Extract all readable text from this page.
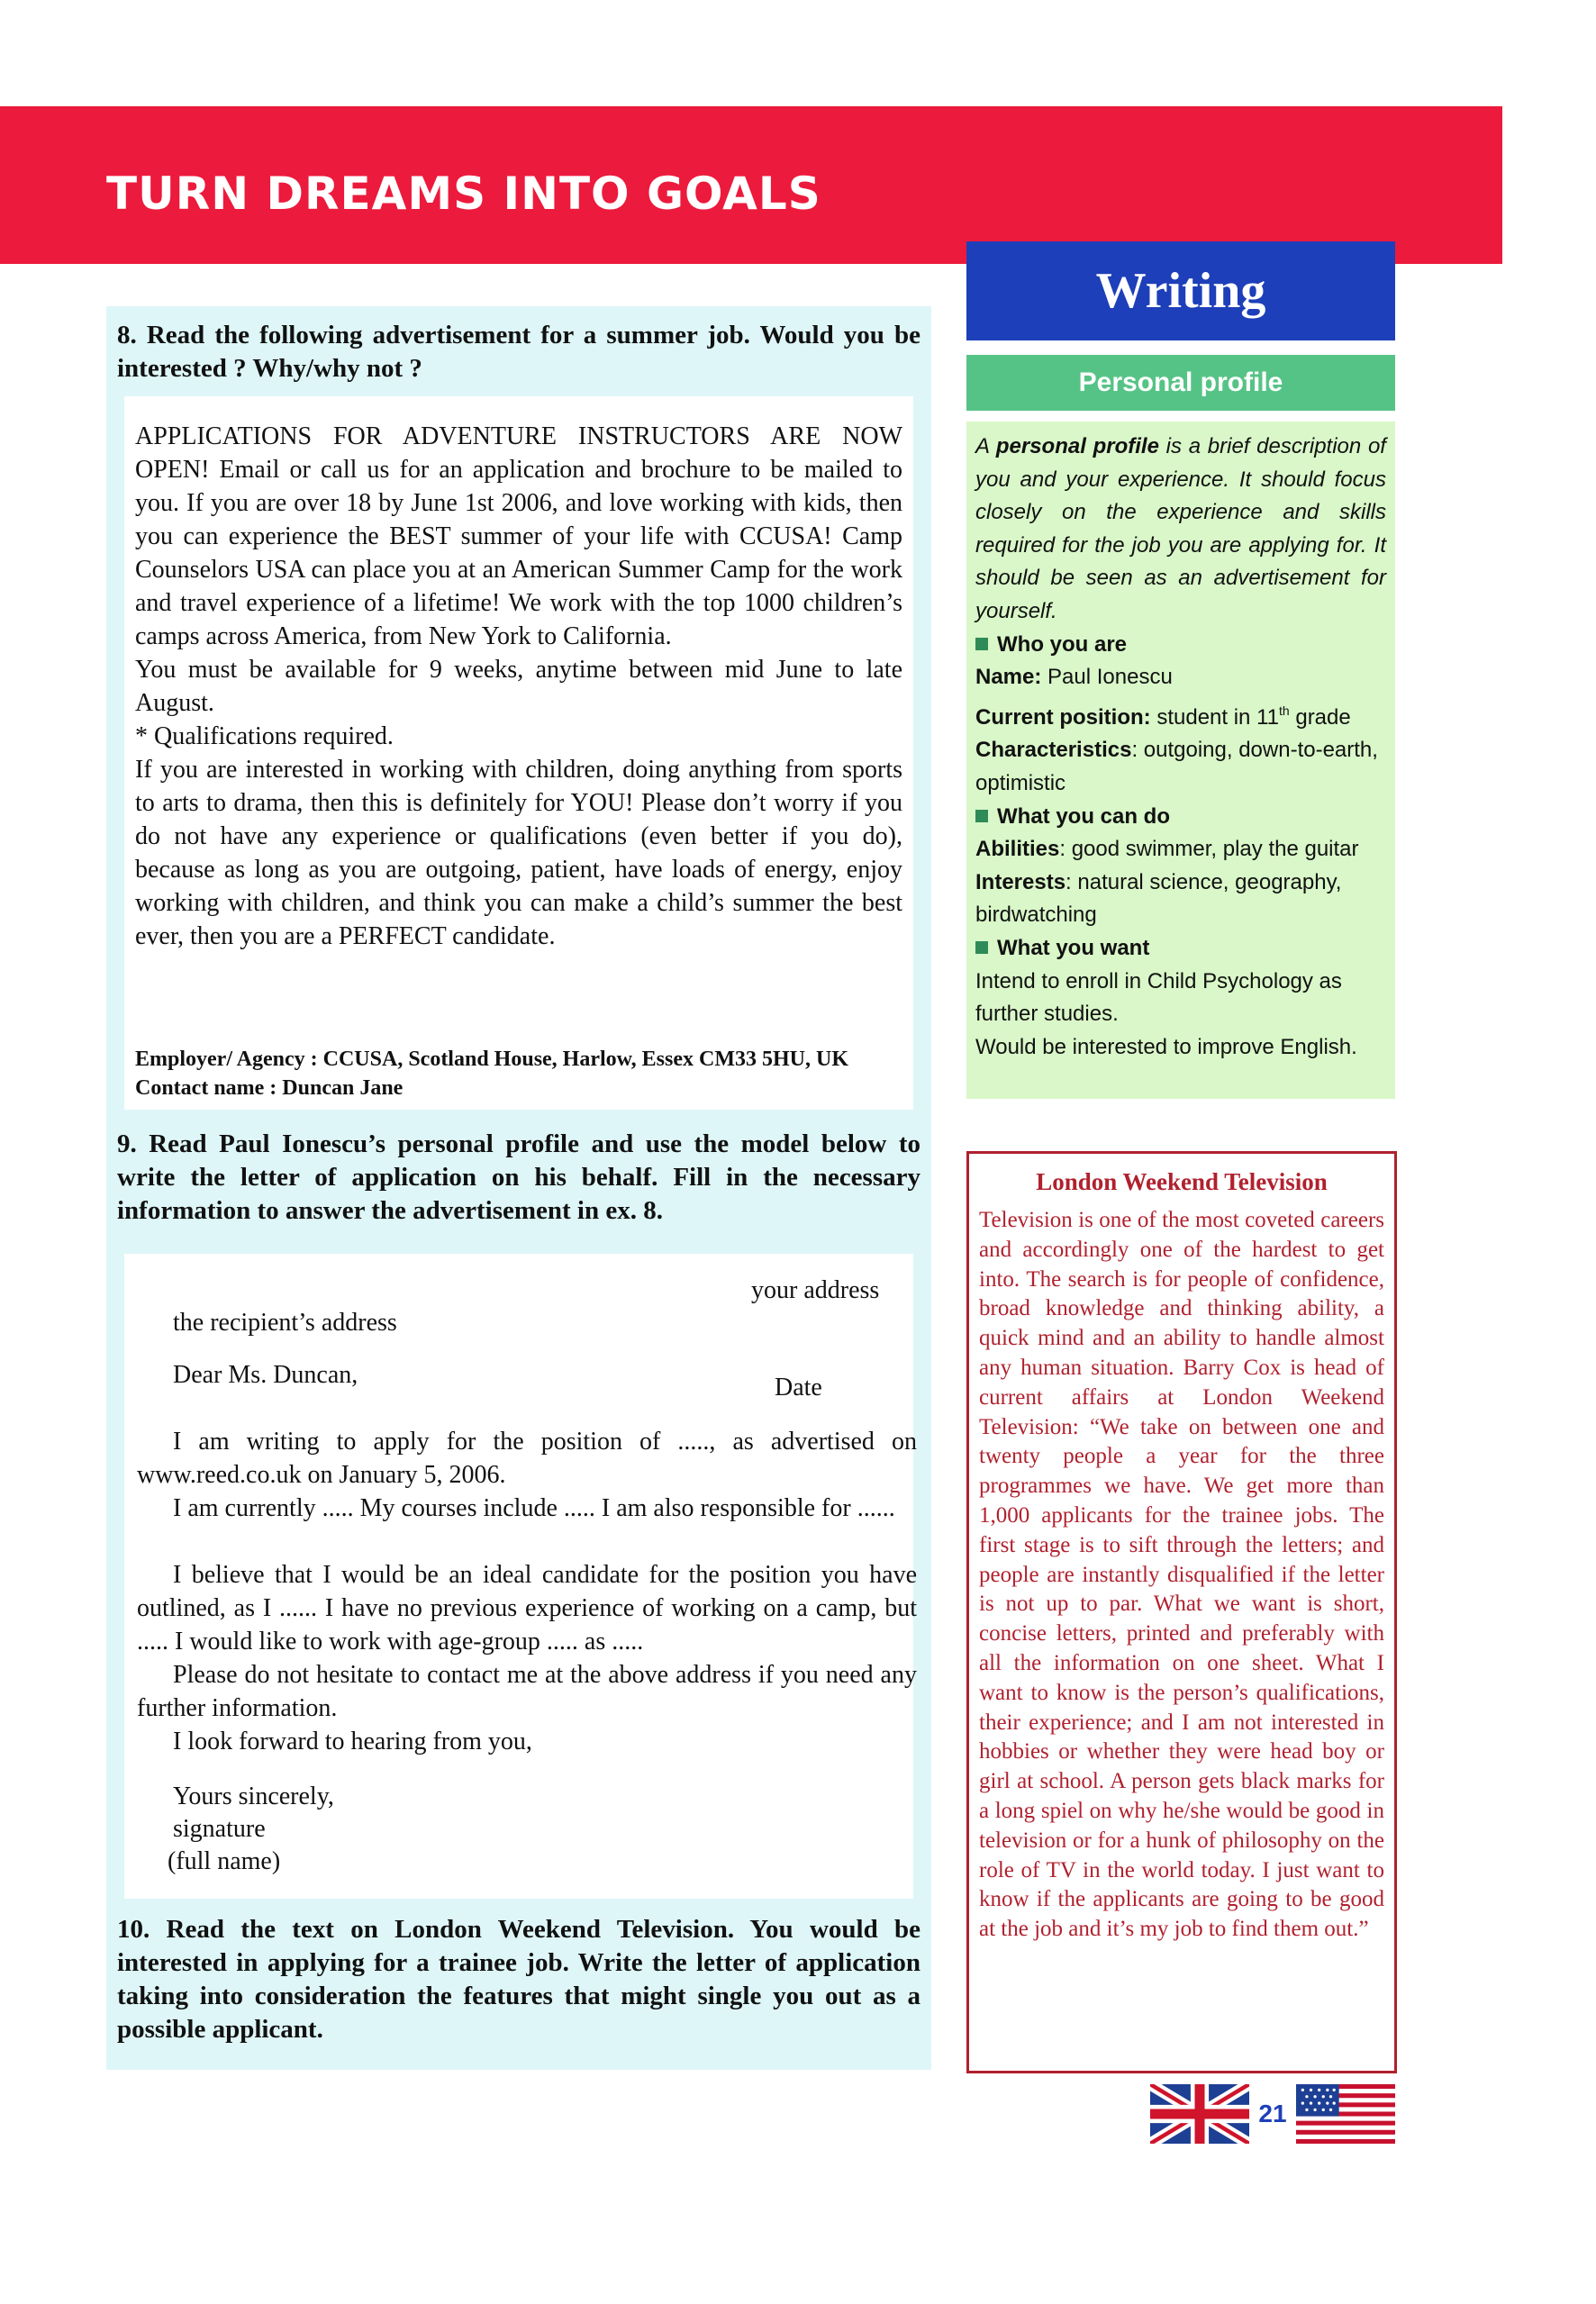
TURN DREAMS INTO GOALS

8. Read the following advertisement for a summer job. Would you be interested ? Why/why not ?

APPLICATIONS FOR ADVENTURE INSTRUCTORS ARE NOW OPEN! Email or call us for an application and brochure to be mailed to you. If you are over 18 by June 1st 2006, and love working with kids, then you can experience the BEST summer of your life with CCUSA! Camp Counselors USA can place you at an American Summer Camp for the work and travel experience of a lifetime! We work with the top 1000 children’s camps across America, from New York to California.

You must be available for 9 weeks, anytime between mid June to late August.

* Qualifications required.

If you are interested in working with children, doing anything from sports to arts to drama, then this is definitely for YOU! Please don’t worry if you do not have any experience or qualifications (even better if you do), because as long as you are outgoing, patient, have loads of energy, enjoy working with children, and think you can make a child’s summer the best ever, then you are a PERFECT candidate.

Employer/ Agency : CCUSA, Scotland House, Harlow, Essex CM33 5HU, UK

Contact name : Duncan Jane

9. Read Paul Ionescu’s personal profile and use the model below to write the letter of application on his behalf. Fill in the necessary information to answer the advertisement in ex. 8.

your address

the recipient’s address

Dear Ms. Duncan,	Date

I am writing to apply for the position of ....., as advertised on www.reed.co.uk on January 5, 2006.

I am currently ..... My courses include ..... I am also responsible for ......

I believe that I would be an ideal candidate for the position you have outlined, as I ...... I have no previous experience of working on a camp, but ..... I would like to work with age-group ..... as .....

Please do not hesitate to contact me at the above address if you need any further information.

I look forward to hearing from you,

Yours sincerely,

signature

(full name)

10. Read the text on London Weekend Television. You would be interested in applying for a trainee job. Write the letter of application taking into consideration the features that might single you out as a possible applicant.

Writing
Personal profile

A personal profile is a brief description of you and your experience. It should focus closely on the experience and skills required for the job you are applying for. It should be seen as an advertisement for yourself.

Who you are

Name: Paul Ionescu

Current position: student in 11th grade

Characteristics: outgoing, down-to-earth, optimistic

What you can do

Abilities: good swimmer, play the guitar

Interests: natural science, geography, birdwatching

What you want

Intend to enroll in Child Psychology as further studies.

Would be interested to improve English.

London Weekend Television

Television is one of the most coveted careers and accordingly one of the hardest to get into. The search is for people of confidence, broad knowledge and thinking ability, a quick mind and an ability to handle almost any human situation. Barry Cox is head of current affairs at London Weekend Television: “We take on between one and twenty people a year for the three programmes we have. We get more than 1,000 applicants for the trainee jobs. The first stage is to sift through the letters; and people are instantly disqualified if the letter is not up to par. What we want is short, concise letters, printed and preferably with all the information on one sheet. What I want to know is the person’s qualifications, their experience; and I am not interested in hobbies or whether they were head boy or girl at school. A person gets black marks for a long spiel on why he/she would be good in television or for a hunk of philosophy on the role of TV in the world today. I just want to know if the applicants are going to be good at the job and it’s my job to find them out.”

21
